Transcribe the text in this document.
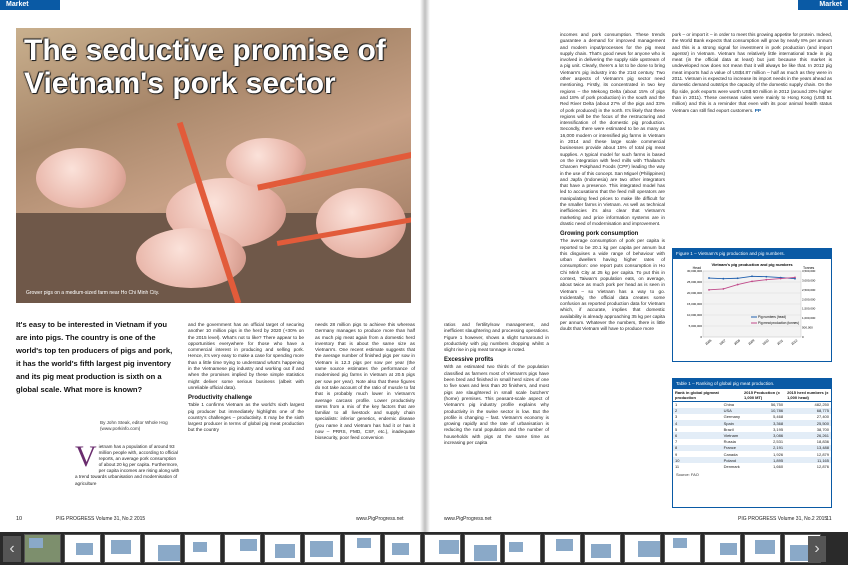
Market
The seductive promise of Vietnam's pork sector
Grower pigs on a medium-sized farm near Ho Chi Minh City.
It's easy to be interested in Vietnam if you are into pigs. The country is one of the world's top ten producers of pigs and pork, it has the world's fifth largest pig inventory and its pig meat production is sixth on a global scale. What more is known?
By John Steak, editor Whole Hog
(www.porkinfo.com)
V ietnam has a population of around 93 million people with, according to official reports, an average pork consumption of about 20 kg per capita. Furthermore, per capita incomes are rising along with a trend towards urbanisation and modernisation of agriculture

and the government has an official target of securing another 10 million pigs in the herd by 2020 (+30% on the 2015 level). What's not to like? There appear to be opportunities everywhere for those who have a commercial interest in producing and selling pork. Hence, it's very easy to make a case for spending more than a little time trying to understand what's happening in the Vietnamese pig industry and working out if and when the promises implied by these simple statistics might deliver some serious business (albeit with unreliable official data).

Productivity challenge

Table 1 confirms Vietnam as the world's sixth largest pig producer but immediately highlights one of the country's challenges – productivity. It may be the sixth largest producer in terms of global pig meat production but the country

needs 28 million pigs to achieve this whereas Germany manages to produce more than half as much pig meat again from a domestic herd inventory that is about the same size as Vietnam's. One recent estimate suggests that the average number of finished pigs per sow in Vietnam is 12.3 pigs per sow per year (the same source estimates the performance of modernised pig farms in Vietnam at 20.5 pigs per sow per year). Note also that these figures do not take account of the ratio of muscle to fat that is probably much lower in Vietnam's average carcass profile. Lower productivity stems from a mix of the key factors that are familiar to all livestock and supply chain specialists: inferior genetics, endemic disease (you name it and Vietnam has had it or has it now – PRRS, FMD, CSF, etc.), inadequate biosecurity, poor feed conversion

10	PIG PROGRESS Volume 31, No.2 2015	www.PigProgress.net
Market

ratios and fertility/sow management, and inefficient slaughtering and processing operations. Figure 1 however, shows a slight turnaround in productivity with pig numbers dropping whilst a slight rise in pig meat tonnage is noted.

Excessive profits

With an estimated two thirds of the population classified as farmers most of Vietnam's pigs have been bred and finished in small herd sizes of one to five sows and less than 20 finishers, and most pigs are slaughtered in small scale butchers' (home) premises. This peasant-scale aspect of Vietnam's pig industry profile explains why productivity in the swine sector is low. But the profile is changing – fast. Vietnam's economy is growing rapidly and the rate of urbanisation is reducing the rural population and the number of households with pigs at the same time as increasing per capita

incomes and pork consumption. These trends guarantee a demand for improved management and modern input/processes for the pig meat supply chain. That's good news for anyone who is involved in delivering the supply side upstream of a pig unit. Clearly, there's a lot to be done to bring Vietnam's pig industry into the 21st century. Two other aspects of Vietnam's pig sector need mentioning. Firstly, its concentrated in two key regions – the Mekong Delta (about 15% of pigs and 18% of pork production) in the south and the Red River Delta (about 27% of the pigs and 33% of pork produced) in the north. It's likely that these regions will be the focus of the restructuring and intensification of the domestic pig production. Secondly, there were estimated to be as many as 16,000 modern or intensified pig farms in Vietnam in 2014 and these large scale commercial businesses provide about 15% of total pig meat supplies. A typical model for such farms is based on the integration with feed mills with Thailand's Charoen Pokphand Foods (CPF) leading the way in the use of this concept. San Miguel (Philippines) and Japfa (Indonesia) are two other integrators that have a presence. This integrated model has led to accusations that the feed mill operators are manipulating feed prices to make life difficult for the smaller farms in Vietnam. As well as technical inefficiencies it's also clear that Vietnam's marketing and price information systems are in drastic need of modernisation and improvement.

Growing pork consumption

The average consumption of pork per capita is reported to be 20.1 kg per capita per annum but this disguises a wide range of behaviour with urban dwellers having higher rates of consumption: one report puts consumption in Ho Chi Minh City at 25 kg per capita. To put this in context, Taiwan's population eats, on average, about twice as much pork per head as is seen in Vietnam – so Vietnam has a way to go. Incidentally, the official data creates some confusion as reported production data for Vietnam which, if accurate, implies that domestic availability is already approaching 35 kg per capita per annum. Whatever the numbers, there is little doubt that Vietnam will have to produce more

pork – or import it – in order to meet this growing appetite for protein. Indeed, the World Bank expects that consumption will grow by nearly 8% per annum and this is a strong signal for investment in pork production (and import agents!) in Vietnam. Vietnam has relatively little international trade in pig meat (in the official data at least) but just because this market is undeveloped now does not mean that it will always be like that. In 2012 pig meat imports had a value of US$4.87 million – half as much as they were in 2011. Vietnam is expected to increase its import needs in the years ahead as domestic demand outstrips the capacity of the domestic supply chain. On the flip side, pork exports were worth US$ 60 million in 2012 (around 20% higher than in 2011). These overseas sales were mainly to Hong Kong (US$ 51 million) and this is a reminder that even with its poor animal health status Vietnam can still find export customers. PP

Figure 1 – Vietnam's pig production and pig numbers.
Vietnam's pig production and pig numbers
Head	Tonnes
30,000,000
25,000,000
20,000,000
15,000,000
10,000,000
5,000,000
0
3,500,000
3,000,000
2,500,000
2,000,000
1,500,000
1,000,000
500,000
0
2006 2007 2008 2009 2010 2011 2012
Pig numbers (head)
Pig meat production (tonnes)
Table 1 – Ranking of global pig meat production.
Rank in global pigmeat production		2015 Production (x 1,000 MT)	2015 herd numbers (x 1,000 head)
1	China	56,750	482,250
2	USA	10,786	68,775
3	Germany	5,468	27,400
4	Spain	3,368	25,500
5	Brazil	3,195	38,700
6	Vietnam	3,086	26,261
7	Russia	2,531	18,836
8	France	2,191	13,488
9	Canada	1,926	12,879
10	Poland	1,895	11,165
11	Denmark	1,660	12,876
Source: FAO
www.PigProgress.net	PIG PROGRESS Volume 31, No.2 2015
11
‹	›
